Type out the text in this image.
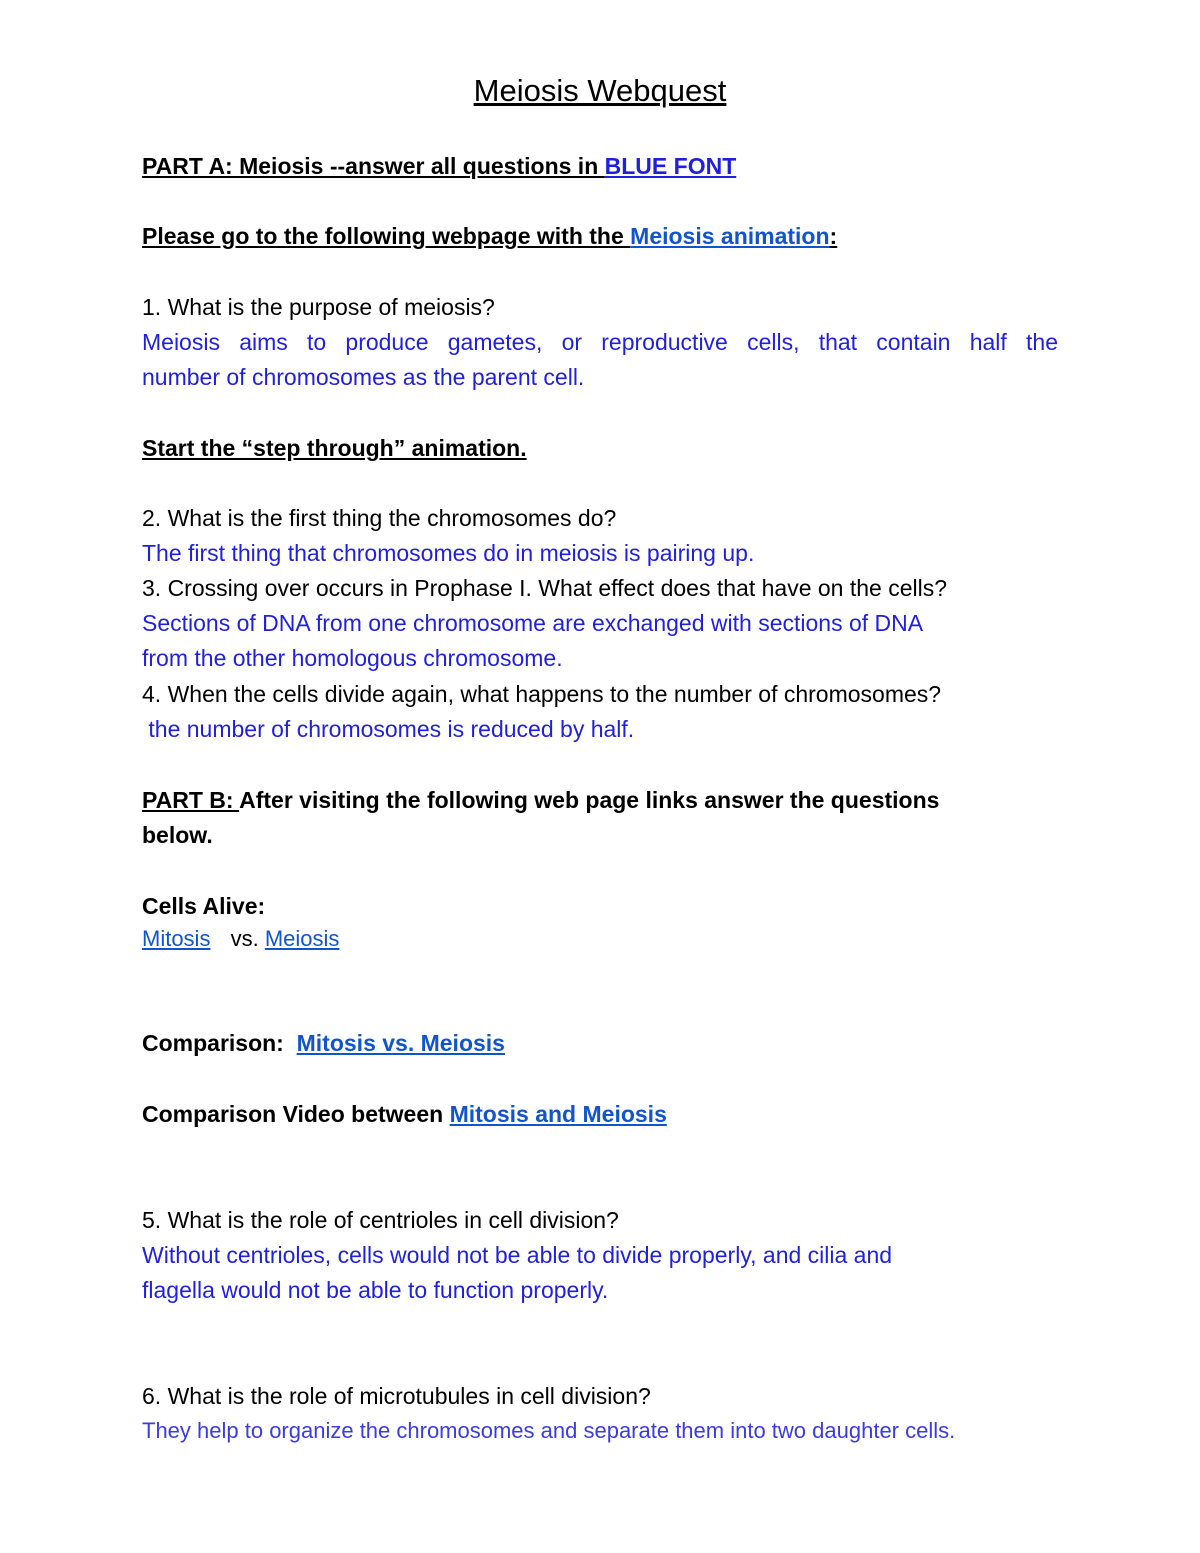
Meiosis Webquest
PART A: Meiosis --answer all questions in BLUE FONT
Please go to the following webpage with the Meiosis animation:
1. What is the purpose of meiosis?
Meiosis aims to produce gametes, or reproductive cells, that contain half the
number of chromosomes as the parent cell.
Start the “step through” animation.
2. What is the first thing the chromosomes do?
The first thing that chromosomes do in meiosis is pairing up.
3. Crossing over occurs in Prophase I. What effect does that have on the cells?
Sections of DNA from one chromosome are exchanged with sections of DNA
from the other homologous chromosome.
4. When the cells divide again, what happens to the number of chromosomes?
the number of chromosomes is reduced by half.
PART B: After visiting the following web page links answer the questions
below.
Cells Alive:
Mitosis vs. Meiosis
Comparison:  Mitosis vs. Meiosis
Comparison Video between Mitosis and Meiosis
5. What is the role of centrioles in cell division?
Without centrioles, cells would not be able to divide properly, and cilia and
flagella would not be able to function properly.
6. What is the role of microtubules in cell division?
They help to organize the chromosomes and separate them into two daughter cells.
